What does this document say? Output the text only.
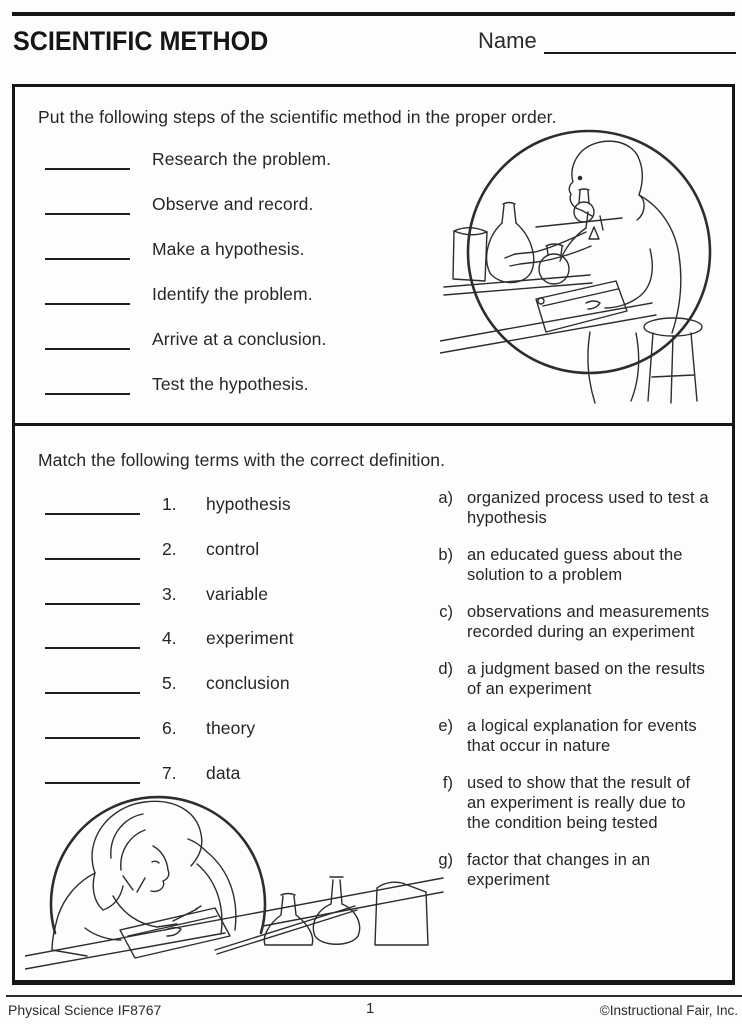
SCIENTIFIC METHOD	Name
Put the following steps of the scientific method in the proper order.
Research the problem.
Observe and record.
Make a hypothesis.
Identify the problem.
Arrive at a conclusion.
Test the hypothesis.
Match the following terms with the correct definition.
1.	hypothesis
2.	control
3.	variable
4.	experiment
5.	conclusion
6.	theory
7.	data
a) organized process used to test a hypothesis
b) an educated guess about the solution to a problem
c) observations and measurements recorded during an experiment
d) a judgment based on the results of an experiment
e) a logical explanation for events that occur in nature
f) used to show that the result of an experiment is really due to the condition being tested
g) factor that changes in an experiment
Physical Science IF8767	1	©Instructional Fair, Inc.
